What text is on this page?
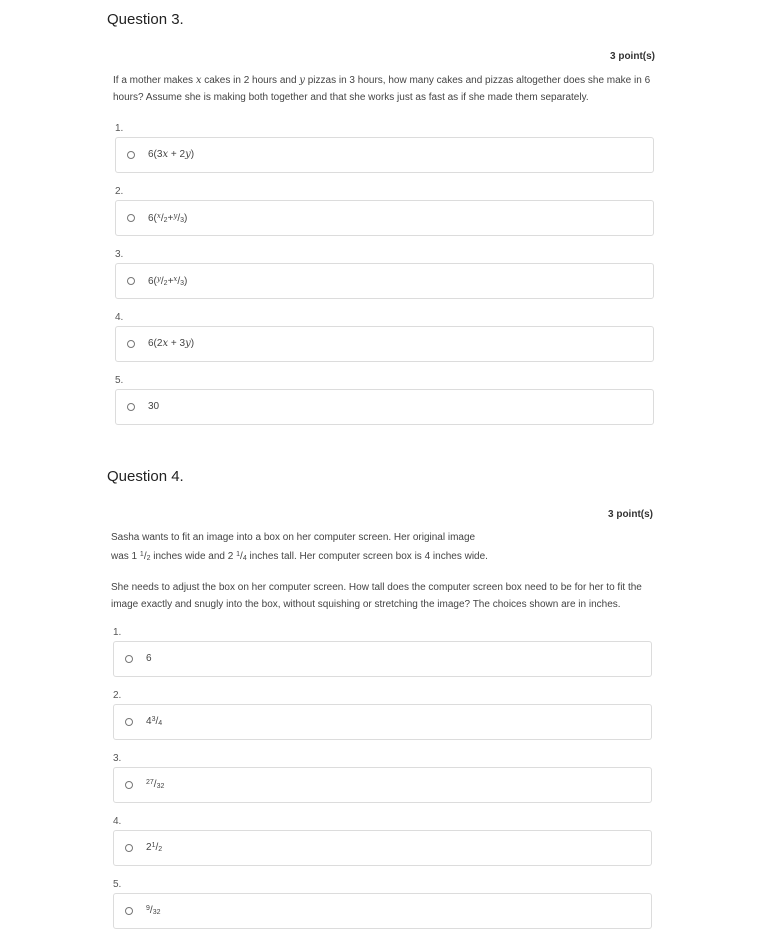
Question 3.
3 point(s)
If a mother makes x cakes in 2 hours and y pizzas in 3 hours, how many cakes and pizzas altogether does she make in 6 hours? Assume she is making both together and that she works just as fast as if she made them separately.
1.
6(3x + 2y)
2.
$6(^x/_2+^y/_3)$
3.
$6(^y/_2+^x/_3)$
4.
6(2x + 3y)
5.
30
Question 4.
3 point(s)

Sasha wants to fit an image into a box on her computer screen. Her original image
was 1 $^1/_2$ inches wide and 2 $^1/_4$ inches tall. Her computer screen box is 4 inches wide.

She needs to adjust the box on her computer screen. How tall does the computer screen box need to be for her to fit the image exactly and snugly into the box, without squishing or stretching the image? The choices shown are in inches.

1.
6
2.
$4^3/_4$
3.
$^{27}/_{32}$
4.
$2^1/_2$
5.
$^9/_{32}$
